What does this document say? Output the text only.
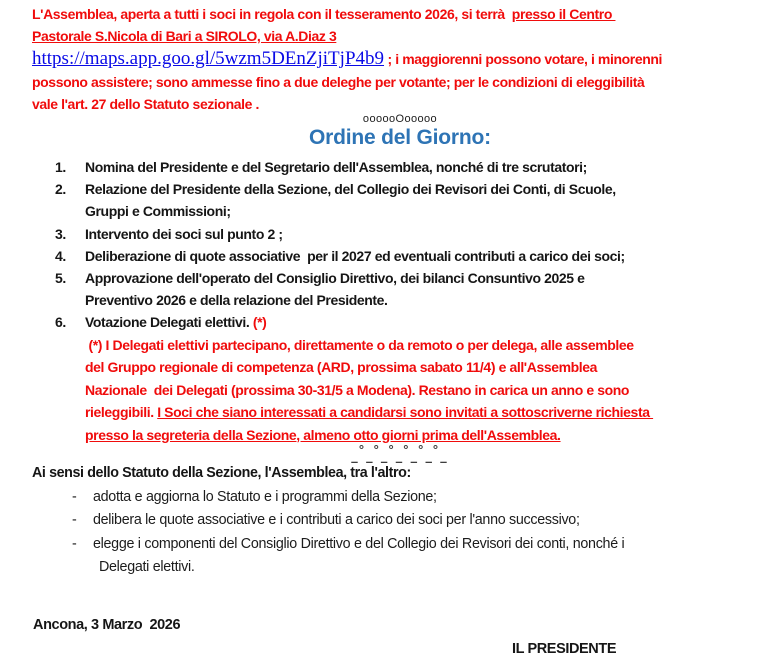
L'Assemblea, aperta a tutti i soci in regola con il tesseramento 2026, si terrà  presso il Centro
Pastorale S.Nicola di Bari a SIROLO, via A.Diaz 3
https://maps.app.goo.gl/5wzm5DEnZjiTjP4b9 ; i maggiorenni possono votare, i minorenni
possono assistere; sono ammesse fino a due deleghe per votante; per le condizioni di eleggibilità
vale l'art. 27 dello Statuto sezionale .
oooooOooooo
Ordine del Giorno:
1.	Nomina del Presidente e del Segretario dell'Assemblea, nonché di tre scrutatori;
2.	Relazione del Presidente della Sezione, del Collegio dei Revisori dei Conti, di Scuole,
Gruppi e Commissioni;
3.	Intervento dei soci sul punto 2 ;
4.	Deliberazione di quote associative  per il 2027 ed eventuali contributi a carico dei soci;
5.	Approvazione dell'operato del Consiglio Direttivo, dei bilanci Consuntivo 2025 e
Preventivo 2026 e della relazione del Presidente.
6.	Votazione Delegati elettivi. (*)
(*) I Delegati elettivi partecipano, direttamente o da remoto o per delega, alle assemblee
del Gruppo regionale di competenza (ARD, prossima sabato 11/4) e all'Assemblea
Nazionale  dei Delegati (prossima 30-31/5 a Modena). Restano in carica un anno e sono
rieleggibili. I Soci che siano interessati a candidarsi sono invitati a sottoscriverne richiesta
presso la segreteria della Sezione, almeno otto giorni prima dell'Assemblea.
° ° ° ° ° °
– – – – – – –
Ai sensi dello Statuto della Sezione, l'Assemblea, tra l'altro:
-	adotta e aggiorna lo Statuto e i programmi della Sezione;
-	delibera le quote associative e i contributi a carico dei soci per l'anno successivo;
-	elegge i componenti del Consiglio Direttivo e del Collegio dei Revisori dei conti, nonché i
Delegati elettivi.
Ancona, 3 Marzo  2026
IL PRESIDENTE
